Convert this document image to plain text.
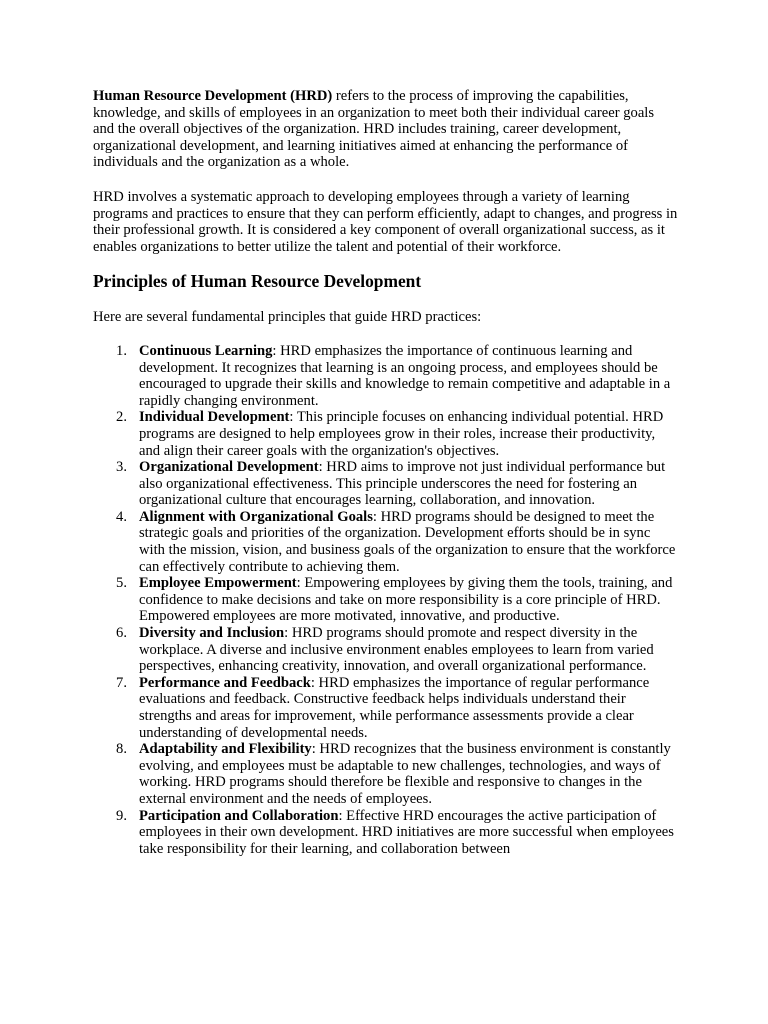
Human Resource Development (HRD) refers to the process of improving the capabilities, knowledge, and skills of employees in an organization to meet both their individual career goals and the overall objectives of the organization. HRD includes training, career development, organizational development, and learning initiatives aimed at enhancing the performance of individuals and the organization as a whole.

HRD involves a systematic approach to developing employees through a variety of learning programs and practices to ensure that they can perform efficiently, adapt to changes, and progress in their professional growth. It is considered a key component of overall organizational success, as it enables organizations to better utilize the talent and potential of their workforce.

Principles of Human Resource Development

Here are several fundamental principles that guide HRD practices:

1. Continuous Learning: HRD emphasizes the importance of continuous learning and development. It recognizes that learning is an ongoing process, and employees should be encouraged to upgrade their skills and knowledge to remain competitive and adaptable in a rapidly changing environment.
2. Individual Development: This principle focuses on enhancing individual potential. HRD programs are designed to help employees grow in their roles, increase their productivity, and align their career goals with the organization's objectives.
3. Organizational Development: HRD aims to improve not just individual performance but also organizational effectiveness. This principle underscores the need for fostering an organizational culture that encourages learning, collaboration, and innovation.
4. Alignment with Organizational Goals: HRD programs should be designed to meet the strategic goals and priorities of the organization. Development efforts should be in sync with the mission, vision, and business goals of the organization to ensure that the workforce can effectively contribute to achieving them.
5. Employee Empowerment: Empowering employees by giving them the tools, training, and confidence to make decisions and take on more responsibility is a core principle of HRD. Empowered employees are more motivated, innovative, and productive.
6. Diversity and Inclusion: HRD programs should promote and respect diversity in the workplace. A diverse and inclusive environment enables employees to learn from varied perspectives, enhancing creativity, innovation, and overall organizational performance.
7. Performance and Feedback: HRD emphasizes the importance of regular performance evaluations and feedback. Constructive feedback helps individuals understand their strengths and areas for improvement, while performance assessments provide a clear understanding of developmental needs.
8. Adaptability and Flexibility: HRD recognizes that the business environment is constantly evolving, and employees must be adaptable to new challenges, technologies, and ways of working. HRD programs should therefore be flexible and responsive to changes in the external environment and the needs of employees.
9. Participation and Collaboration: Effective HRD encourages the active participation of employees in their own development. HRD initiatives are more successful when employees take responsibility for their learning, and collaboration between
